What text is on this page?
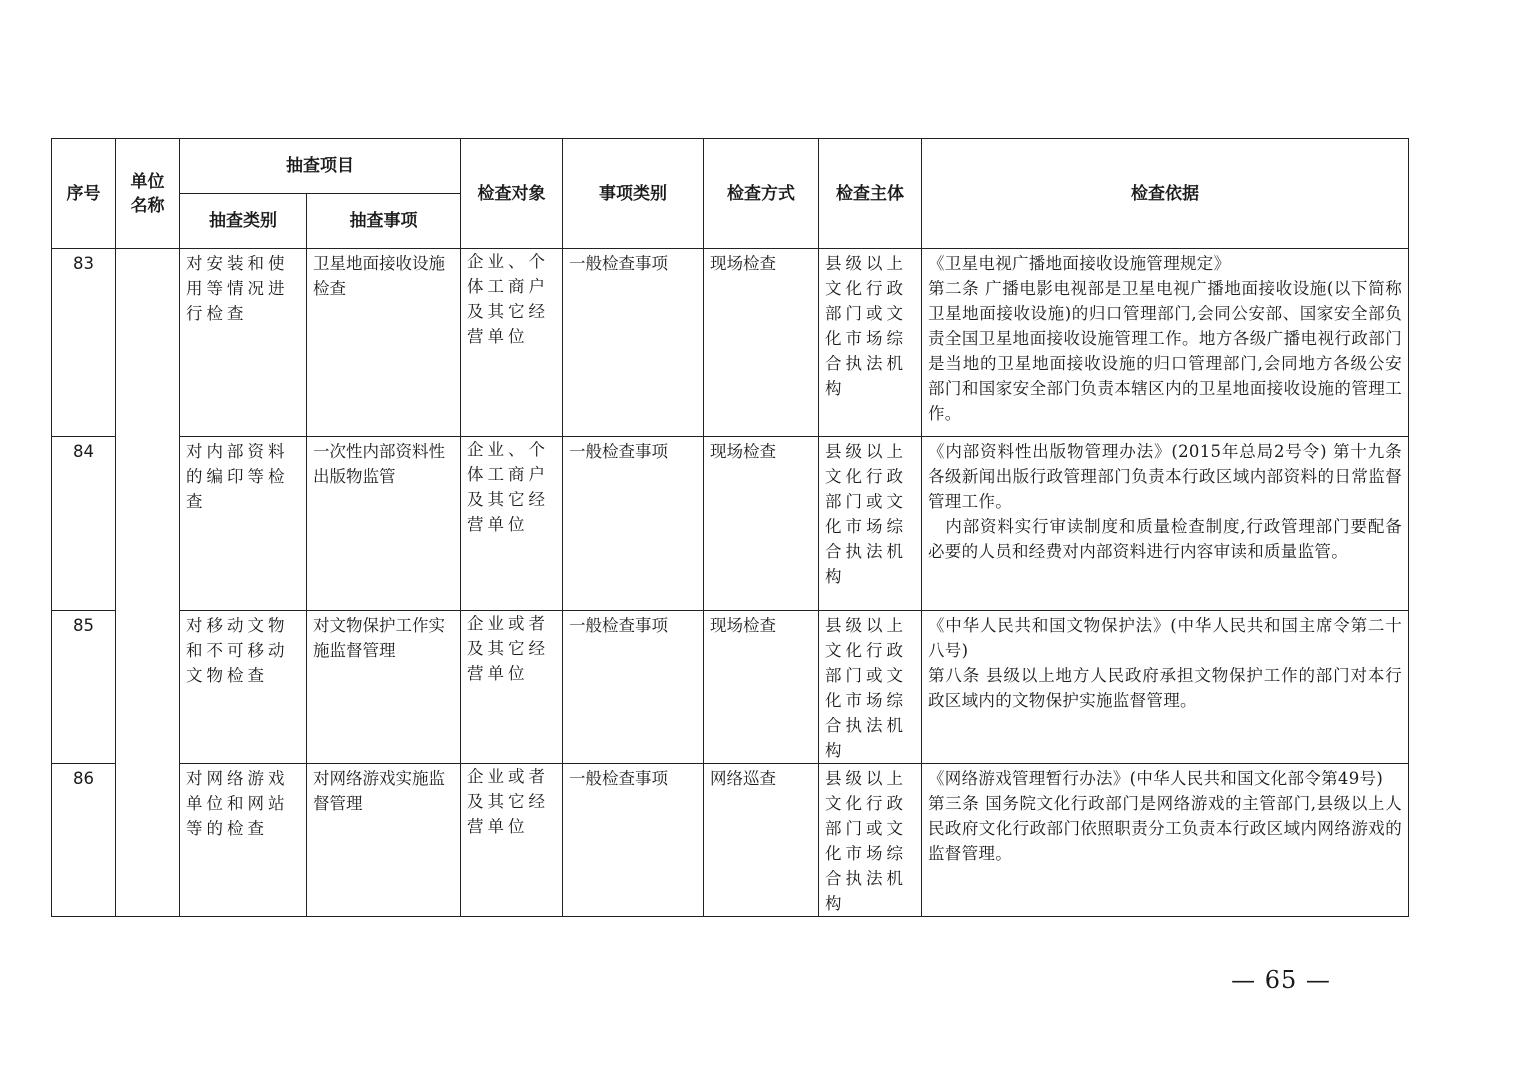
序号	单位名称	抽查项目		检查对象	事项类别	检查方式	检查主体	检查依据
		抽查类别	抽查事项					
83		对安装和使用等情况进行检查	卫星地面接收设施检查	企业、个体工商户及其它经营单位	一般检查事项	现场检查	县级以上文化行政部门或文化市场综合执法机构	《卫星电视广播地面接收设施管理规定》
第二条 广播电影电视部是卫星电视广播地面接收设施(以下简称卫星地面接收设施)的归口管理部门,会同公安部、国家安全部负责全国卫星地面接收设施管理工作。地方各级广播电视行政部门是当地的卫星地面接收设施的归口管理部门,会同地方各级公安部门和国家安全部门负责本辖区内的卫星地面接收设施的管理工作。

84		对内部资料的编印等检查	一次性内部资料性出版物监管	企业、个体工商户及其它经营单位	一般检查事项	现场检查	县级以上文化行政部门或文化市场综合执法机构	《内部资料性出版物管理办法》(2015年总局2号令) 第十九条 各级新闻出版行政管理部门负责本行政区域内部资料的日常监督管理工作。
　内部资料实行审读制度和质量检查制度,行政管理部门要配备必要的人员和经费对内部资料进行内容审读和质量监管。

85		对移动文物和不可移动文物检查	对文物保护工作实施监督管理	企业或者及其它经营单位	一般检查事项	现场检查	县级以上文化行政部门或文化市场综合执法机构	《中华人民共和国文物保护法》(中华人民共和国主席令第二十八号)
第八条 县级以上地方人民政府承担文物保护工作的部门对本行政区域内的文物保护实施监督管理。

86		对网络游戏单位和网站等的检查	对网络游戏实施监督管理	企业或者及其它经营单位	一般检查事项	网络巡查	县级以上文化行政部门或文化市场综合执法机构	《网络游戏管理暂行办法》(中华人民共和国文化部令第49号)
第三条 国务院文化行政部门是网络游戏的主管部门,县级以上人民政府文化行政部门依照职责分工负责本行政区域内网络游戏的监督管理。
— 65 —
